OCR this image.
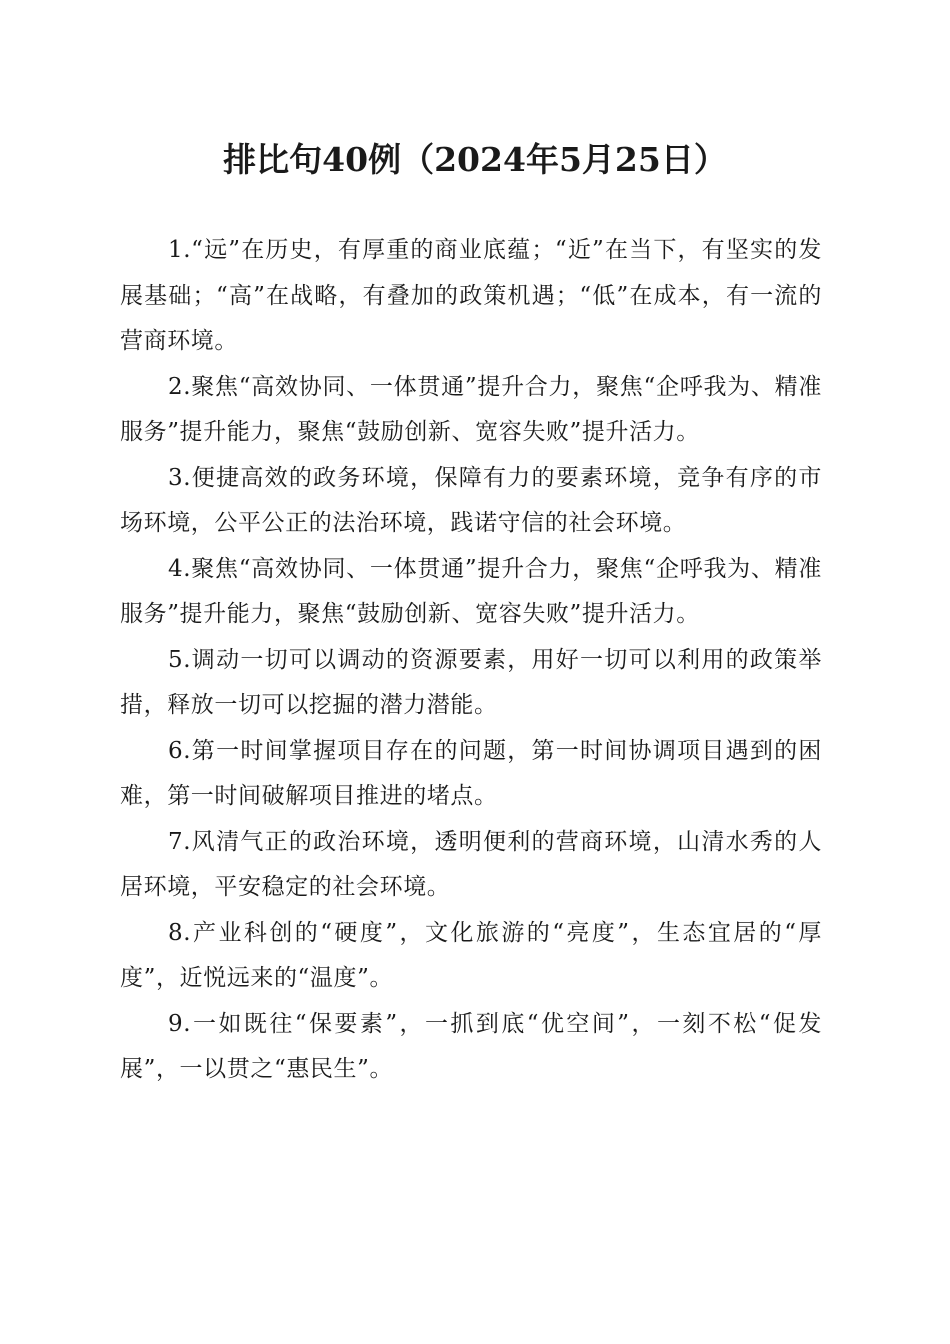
排比句40例（2024年5月25日）

1.“远”在历史，有厚重的商业底蕴；“近”在当下，有坚实的发展基础；“高”在战略，有叠加的政策机遇；“低”在成本，有一流的营商环境。

2.聚焦“高效协同、一体贯通”提升合力，聚焦“企呼我为、精准服务”提升能力，聚焦“鼓励创新、宽容失败”提升活力。

3.便捷高效的政务环境，保障有力的要素环境，竞争有序的市场环境，公平公正的法治环境，践诺守信的社会环境。

4.聚焦“高效协同、一体贯通”提升合力，聚焦“企呼我为、精准服务”提升能力，聚焦“鼓励创新、宽容失败”提升活力。

5.调动一切可以调动的资源要素，用好一切可以利用的政策举措，释放一切可以挖掘的潜力潜能。

6.第一时间掌握项目存在的问题，第一时间协调项目遇到的困难，第一时间破解项目推进的堵点。

7.风清气正的政治环境，透明便利的营商环境，山清水秀的人居环境，平安稳定的社会环境。

8.产业科创的“硬度”，文化旅游的“亮度”，生态宜居的“厚度”，近悦远来的“温度”。

9.一如既往“保要素”，一抓到底“优空间”，一刻不松“促发展”，一以贯之“惠民生”。
